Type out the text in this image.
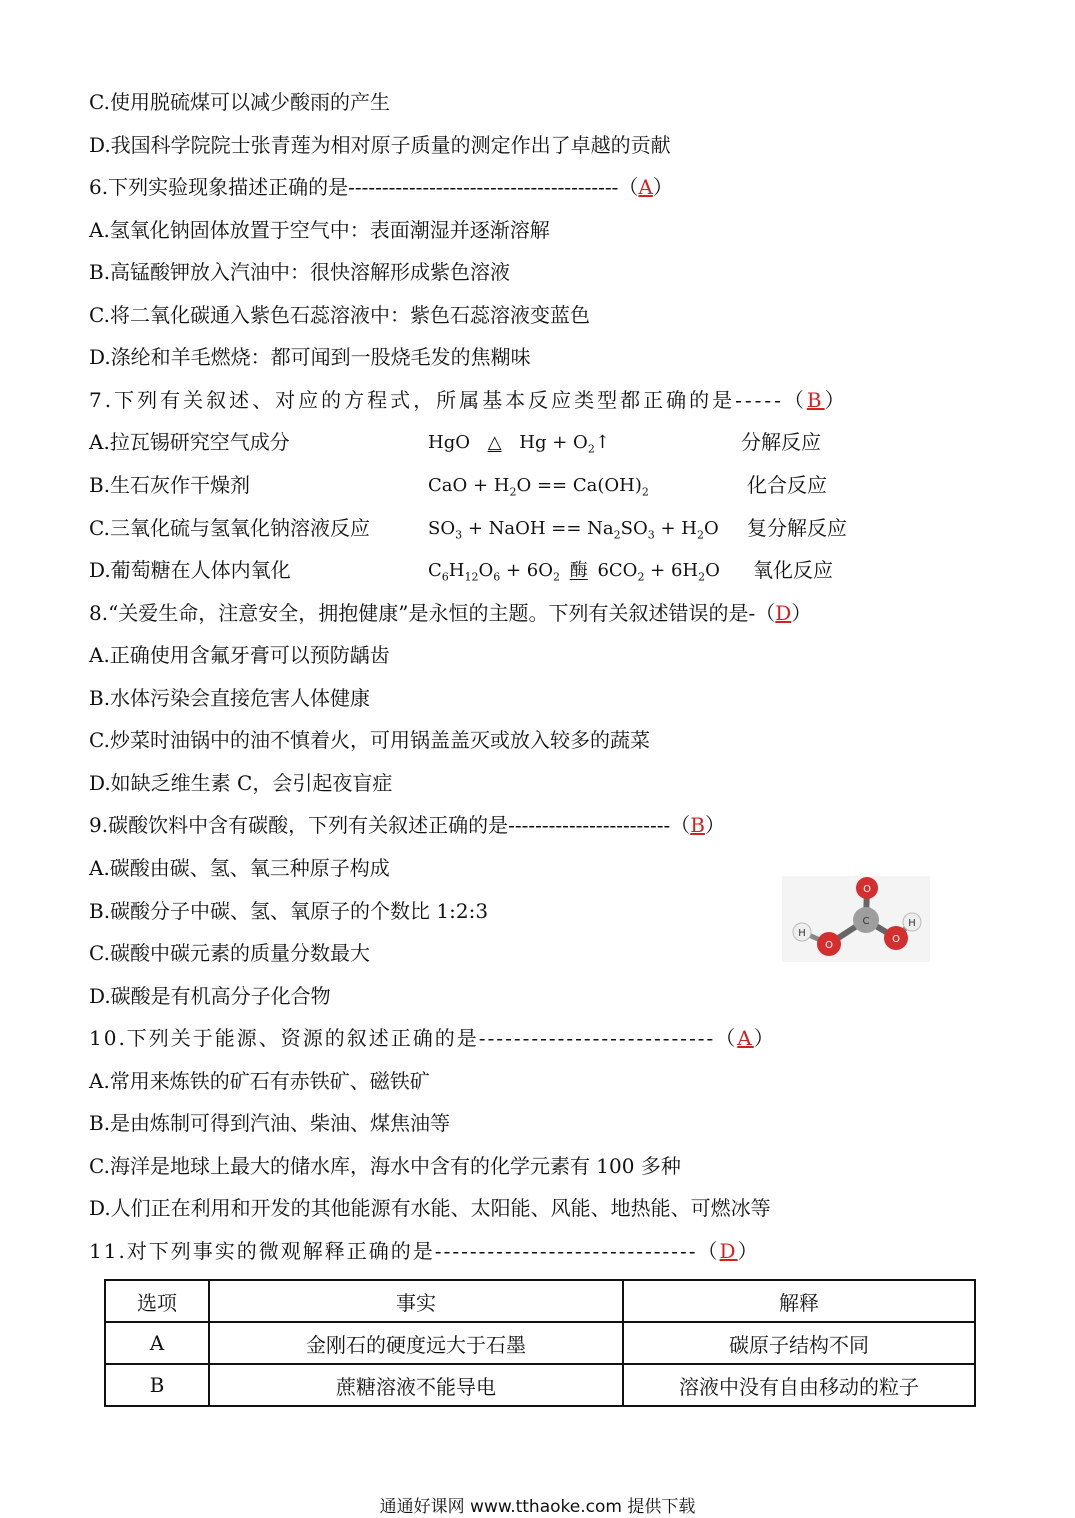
C.使用脱硫煤可以减少酸雨的产生
D.我国科学院院士张青莲为相对原子质量的测定作出了卓越的贡献
6.下列实验现象描述正确的是----------------------------------------（A）
A.氢氧化钠固体放置于空气中：表面潮湿并逐渐溶解
B.高锰酸钾放入汽油中：很快溶解形成紫色溶液
C.将二氧化碳通入紫色石蕊溶液中：紫色石蕊溶液变蓝色
D.涤纶和羊毛燃烧：都可闻到一股烧毛发的焦糊味
7.下列有关叙述、对应的方程式，所属基本反应类型都正确的是-----（B）
A.拉瓦锡研究空气成分	HgO △ $Hg + O_2↑$	分解反应
B.生石灰作干燥剂	CaO + $H_2O == Ca(OH)_2$	化合反应
C.三氧化硫与氢氧化钠溶液反应	$SO_3$ + NaOH == $Na_2SO_3 + H_2O$ 复分解反应
D.葡萄糖在人体内氧化	$C_6H_{12}O_6 + 6O_2$ 酶 $6CO_2 + 6H_2O$ 氧化反应
8.“关爱生命，注意安全，拥抱健康”是永恒的主题。下列有关叙述错误的是-（D）
A.正确使用含氟牙膏可以预防龋齿
B.水体污染会直接危害人体健康
C.炒菜时油锅中的油不慎着火，可用锅盖盖灭或放入较多的蔬菜
D.如缺乏维生素 C，会引起夜盲症
9.碳酸饮料中含有碳酸，下列有关叙述正确的是------------------------（B）
A.碳酸由碳、氢、氧三种原子构成
B.碳酸分子中碳、氢、氧原子的个数比 1:2:3
C.碳酸中碳元素的质量分数最大
D.碳酸是有机高分子化合物
O
C
O
H
O
H
10.下列关于能源、资源的叙述正确的是---------------------------（A）
A.常用来炼铁的矿石有赤铁矿、磁铁矿
B.是由炼制可得到汽油、柴油、煤焦油等
C.海洋是地球上最大的储水库，海水中含有的化学元素有 100 多种
D.人们正在利用和开发的其他能源有水能、太阳能、风能、地热能、可燃冰等
11.对下列事实的微观解释正确的是------------------------------（D）
选项	事实	解释
A	金刚石的硬度远大于石墨	碳原子结构不同
B	蔗糖溶液不能导电	溶液中没有自由移动的粒子
通通好课网 www.tthaoke.com 提供下载
